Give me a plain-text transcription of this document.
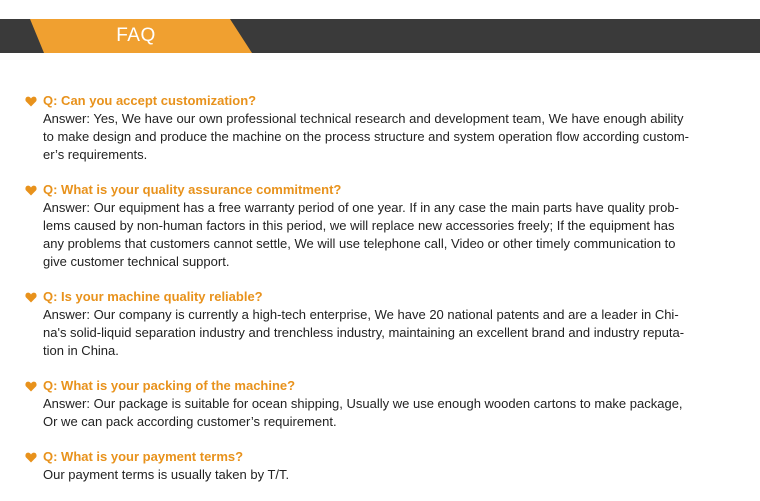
FAQ
Q: Can you accept customization?
Answer: Yes, We have our own professional technical research and development team, We have enough ability
to make design and produce the machine on the process structure and system operation flow according custom-
er’s requirements.
Q: What is your quality assurance commitment?
Answer: Our equipment has a free warranty period of one year. If in any case the main parts have quality prob-
lems caused by non-human factors in this period, we will replace new accessories freely; If the equipment has
any problems that customers cannot settle, We will use telephone call, Video or other timely communication to
give customer technical support.
Q: Is your machine quality reliable?
Answer: Our company is currently a high-tech enterprise, We have 20 national patents and are a leader in Chi-
na's solid-liquid separation industry and trenchless industry, maintaining an excellent brand and industry reputa-
tion in China.
Q: What is your packing of the machine?
Answer: Our package is suitable for ocean shipping, Usually we use enough wooden cartons to make package,
Or we can pack according customer’s requirement.
Q: What is your payment terms?
Our payment terms is usually taken by T/T.
